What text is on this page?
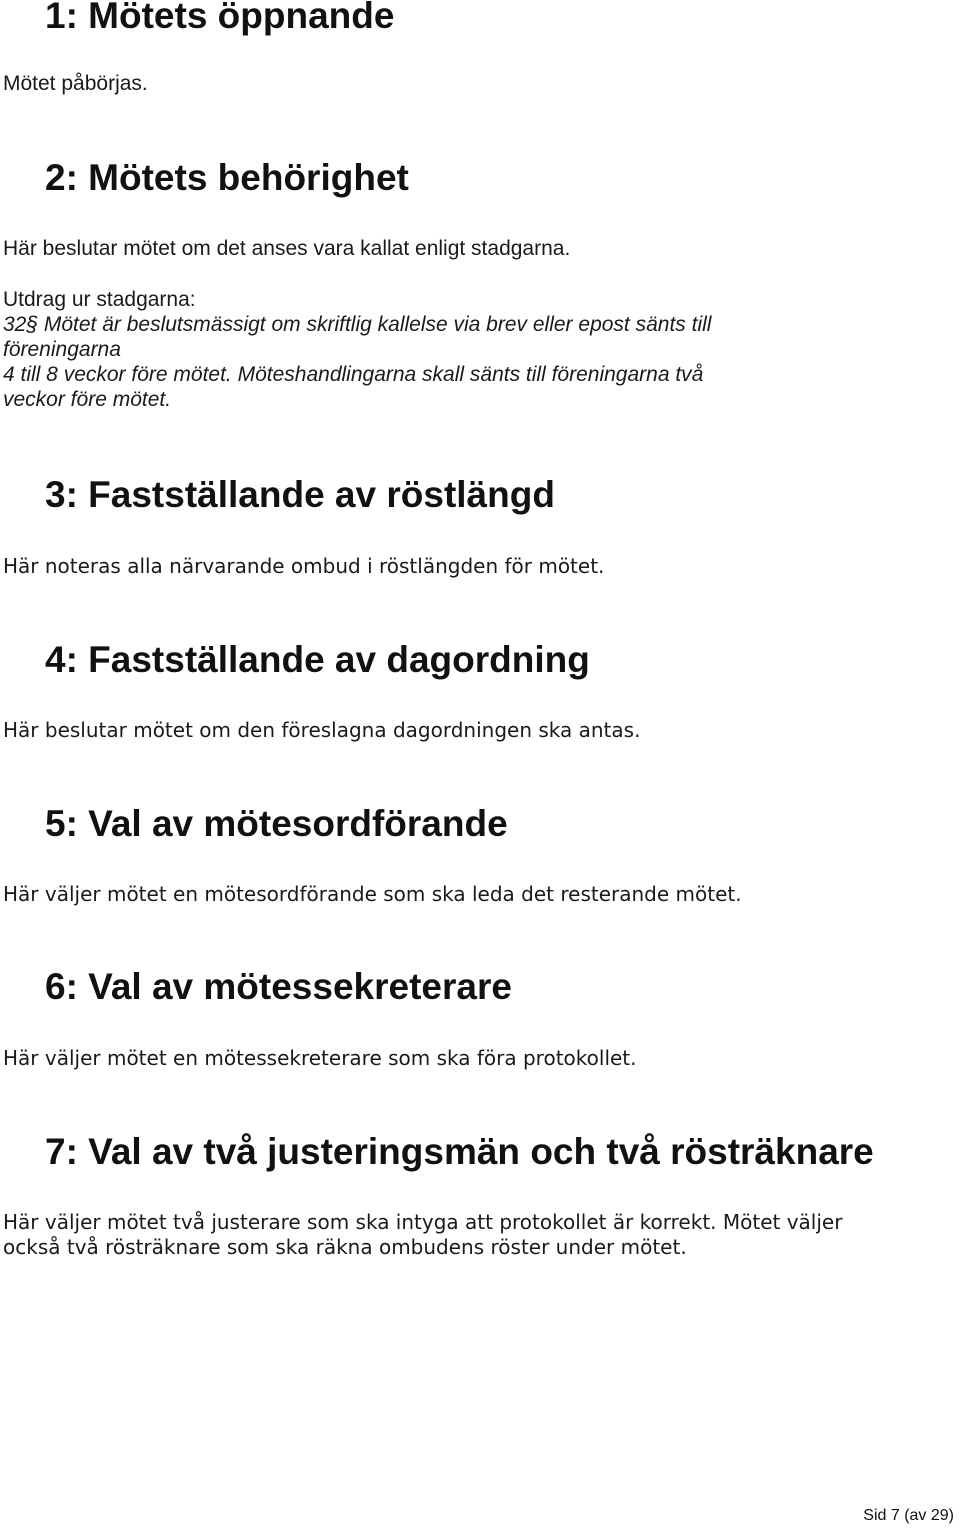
1: Mötets öppnande

Mötet påbörjas.

2: Mötets behörighet

Här beslutar mötet om det anses vara kallat enligt stadgarna.

Utdrag ur stadgarna:
32§ Mötet är beslutsmässigt om skriftlig kallelse via brev eller epost sänts till
föreningarna
4 till 8 veckor före mötet. Möteshandlingarna skall sänts till föreningarna två
veckor före mötet.
3: Fastställande av röstlängd

Här noteras alla närvarande ombud i röstlängden för mötet.

4: Fastställande av dagordning

Här beslutar mötet om den föreslagna dagordningen ska antas.

5: Val av mötesordförande

Här väljer mötet en mötesordförande som ska leda det resterande mötet.

6: Val av mötessekreterare

Här väljer mötet en mötessekreterare som ska föra protokollet.

7: Val av två justeringsmän och två rösträknare
Här väljer mötet två justerare som ska intyga att protokollet är korrekt. Mötet väljer
också två rösträknare som ska räkna ombudens röster under mötet.

Sid 7 (av 29)
